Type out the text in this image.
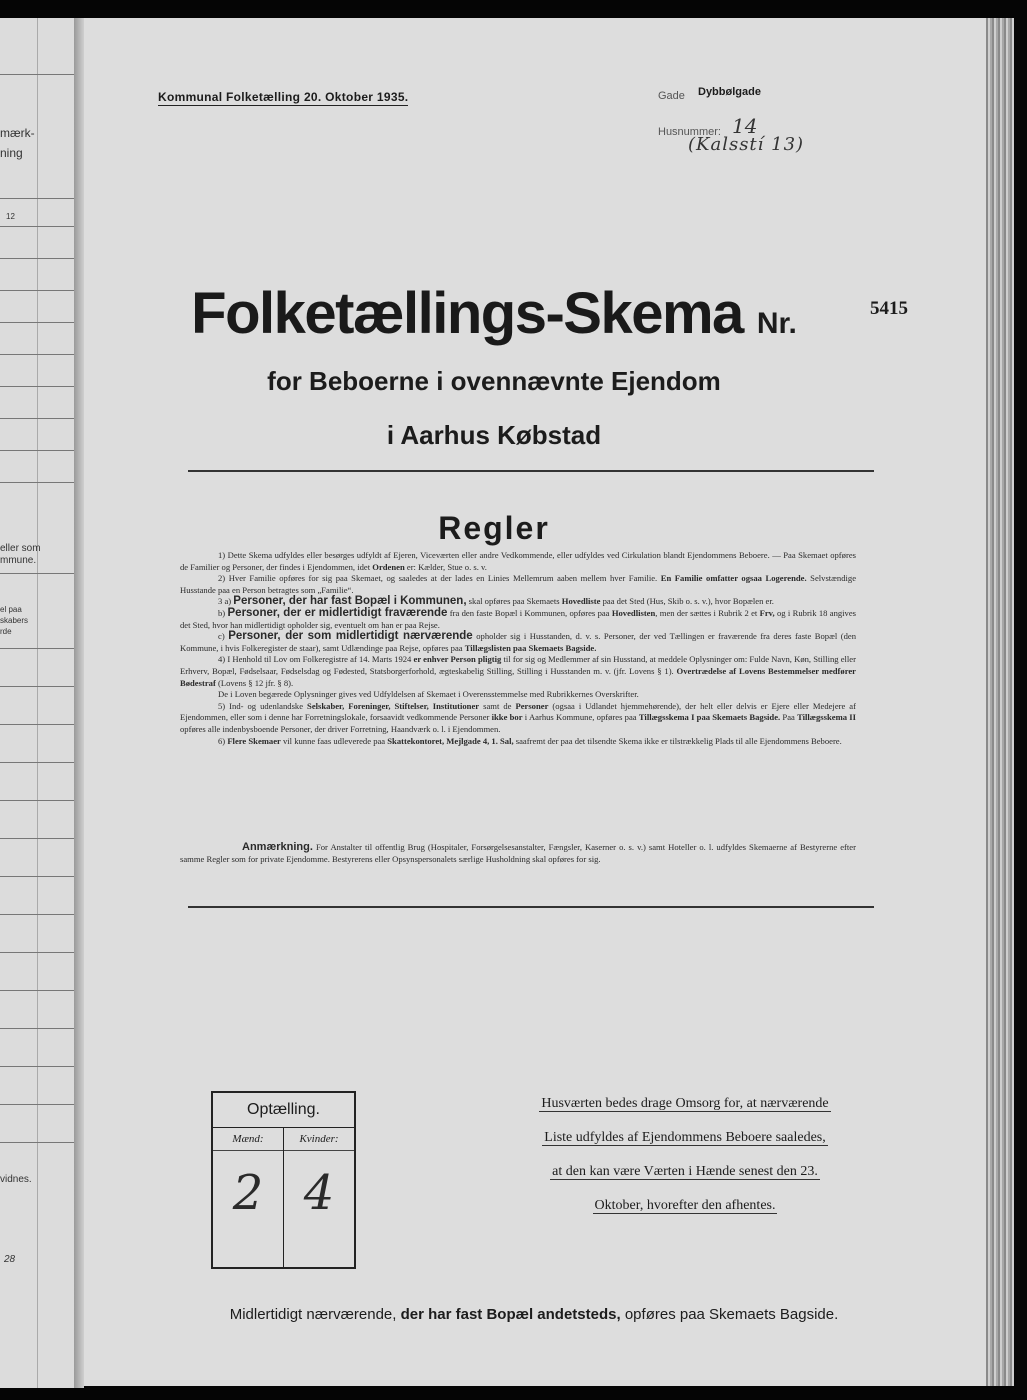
mærk-
ning
12
eller som
mmune.
el paa
skabers
rde
vidnes.
28
Kommunal Folketælling 20. Oktober 1935.	Gade Dybbølgade
Husnummer: 14
(Kalsstí 13)
Folketællings-Skema Nr.	5415
for Beboerne i ovennævnte Ejendom
i Aarhus Købstad
Regler

1) Dette Skema udfyldes eller besørges udfyldt af Ejeren, Viceværten eller andre Vedkommende, eller udfyldes ved Cirkulation blandt Ejendommens Beboere. — Paa Skemaet opføres de Familier og Personer, der findes i Ejendommen, idet Ordenen er: Kælder, Stue o. s. v.

2) Hver Familie opføres for sig paa Skemaet, og saaledes at der lades en Linies Mellemrum aaben mellem hver Familie. En Familie omfatter ogsaa Logerende. Selvstændige Husstande paa en Person betragtes som „Familie“.

3 a) Personer, der har fast Bopæl i Kommunen, skal opføres paa Skemaets Hovedliste paa det Sted (Hus, Skib o. s. v.), hvor Bopælen er.

b) Personer, der er midlertidigt fraværende fra den faste Bopæl i Kommunen, opføres paa Hovedlisten, men der sættes i Rubrik 2 et Frv, og i Rubrik 18 angives det Sted, hvor han midlertidigt opholder sig, eventuelt om han er paa Rejse.

c) Personer, der som midlertidigt nærværende opholder sig i Husstanden, d. v. s. Personer, der ved Tællingen er fraværende fra deres faste Bopæl (den Kommune, i hvis Folkeregister de staar), samt Udlændinge paa Rejse, opføres paa Tillægslisten paa Skemaets Bagside.

4) I Henhold til Lov om Folkeregistre af 14. Marts 1924 er enhver Person pligtig til for sig og Medlemmer af sin Husstand, at meddele Oplysninger om: Fulde Navn, Køn, Stilling eller Erhverv, Bopæl, Fødselsaar, Fødselsdag og Fødested, Statsborgerforhold, ægteskabelig Stilling, Stilling i Husstanden m. v. (jfr. Lovens § 1). Overtrædelse af Lovens Bestemmelser medfører Bødestraf (Lovens § 12 jfr. § 8).

De i Loven begærede Oplysninger gives ved Udfyldelsen af Skemaet i Overensstemmelse med Rubrikkernes Overskrifter.

5) Ind- og udenlandske Selskaber, Foreninger, Stiftelser, Institutioner samt de Personer (ogsaa i Udlandet hjemmehørende), der helt eller delvis er Ejere eller Medejere af Ejendommen, eller som i denne har Forretningslokale, forsaavidt vedkommende Personer ikke bor i Aarhus Kommune, opføres paa Tillægsskema I paa Skemaets Bagside. Paa Tillægsskema II opføres alle indenbysboende Personer, der driver Forretning, Haandværk o. l. i Ejendommen.

6) Flere Skemaer vil kunne faas udleverede paa Skattekontoret, Mejlgade 4, 1. Sal, saafremt der paa det tilsendte Skema ikke er tilstrækkelig Plads til alle Ejendommens Beboere.

Anmærkning. For Anstalter til offentlig Brug (Hospitaler, Forsørgelsesanstalter, Fængsler, Kaserner o. s. v.) samt Hoteller o. l. udfyldes Skemaerne af Bestyrerne efter samme Regler som for private Ejendomme. Bestyrerens eller Opsynspersonalets særlige Husholdning skal opføres for sig.
Optælling.
Mænd:
2
Kvinder:
4
Husværten bedes drage Omsorg for, at nærværende
Liste udfyldes af Ejendommens Beboere saaledes,
at den kan være Værten i Hænde senest den 23.
Oktober, hvorefter den afhentes.
Midlertidigt nærværende, der har fast Bopæl andetsteds, opføres paa Skemaets Bagside.
